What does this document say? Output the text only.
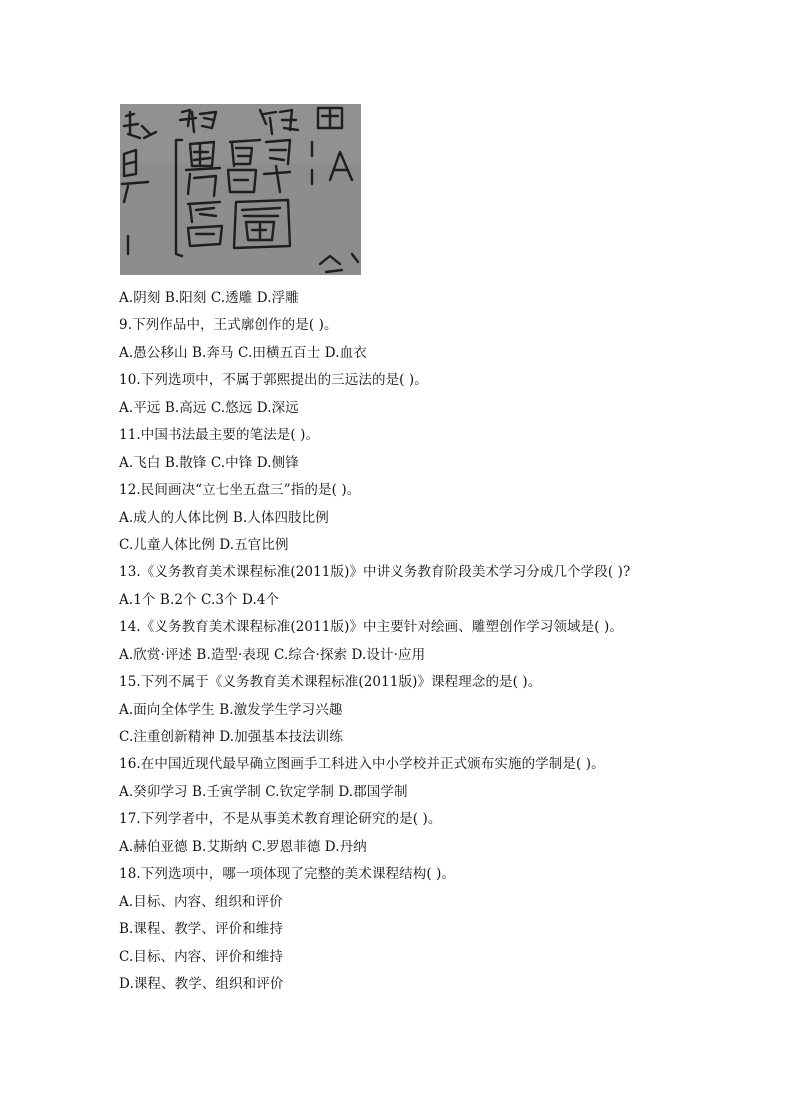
A.阴刻 B.阳刻 C.透雕 D.浮雕
9.下列作品中，王式廓创作的是( )。
A.愚公移山 B.奔马 C.田横五百士 D.血衣
10.下列选项中，不属于郭熙提出的三远法的是( )。
A.平远 B.高远 C.悠远 D.深远
11.中国书法最主要的笔法是( )。
A.飞白 B.散锋 C.中锋 D.侧锋
12.民间画决“立七坐五盘三”指的是( )。
A.成人的人体比例 B.人体四肢比例
C.儿童人体比例 D.五官比例
13.《义务教育美术课程标准(2011版)》中讲义务教育阶段美术学习分成几个学段( )?
A.1个 B.2个 C.3个 D.4个
14.《义务教育美术课程标准(2011版)》中主要针对绘画、雕塑创作学习领域是( )。
A.欣赏·评述 B.造型·表现 C.综合·探索 D.设计·应用
15.下列不属于《义务教育美术课程标准(2011版)》课程理念的是( )。
A.面向全体学生 B.激发学生学习兴趣
C.注重创新精神 D.加强基本技法训练
16.在中国近现代最早确立图画手工科进入中小学校并正式颁布实施的学制是( )。
A.癸卯学习 B.壬寅学制 C.钦定学制 D.郡国学制
17.下列学者中，不是从事美术教育理论研究的是( )。
A.赫伯亚德 B.艾斯纳 C.罗恩菲德 D.丹纳
18.下列选项中，哪一项体现了完整的美术课程结构( )。
A.目标、内容、组织和评价
B.课程、教学、评价和维持
C.目标、内容、评价和维持
D.课程、教学、组织和评价
